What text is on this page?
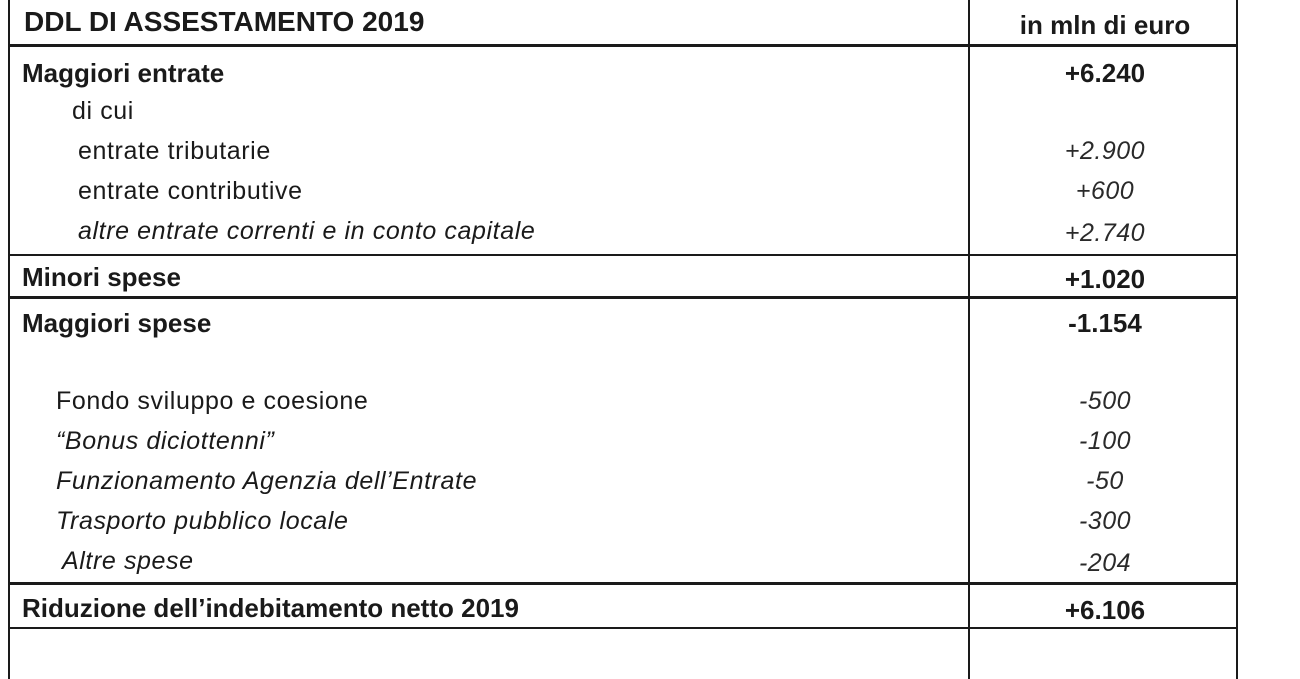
DDL DI ASSESTAMENTO 2019	in mln di euro
Maggiori entrate	+6.240
di cui
entrate tributarie	+2.900
entrate contributive	+600
altre entrate correnti e in conto capitale	+2.740
Minori spese	+1.020
Maggiori spese	-1.154
Fondo sviluppo e coesione	-500
“Bonus diciottenni”	-100
Funzionamento Agenzia dell’Entrate	-50
Trasporto pubblico locale	-300
Altre spese	-204
Riduzione dell’indebitamento netto 2019	+6.106
